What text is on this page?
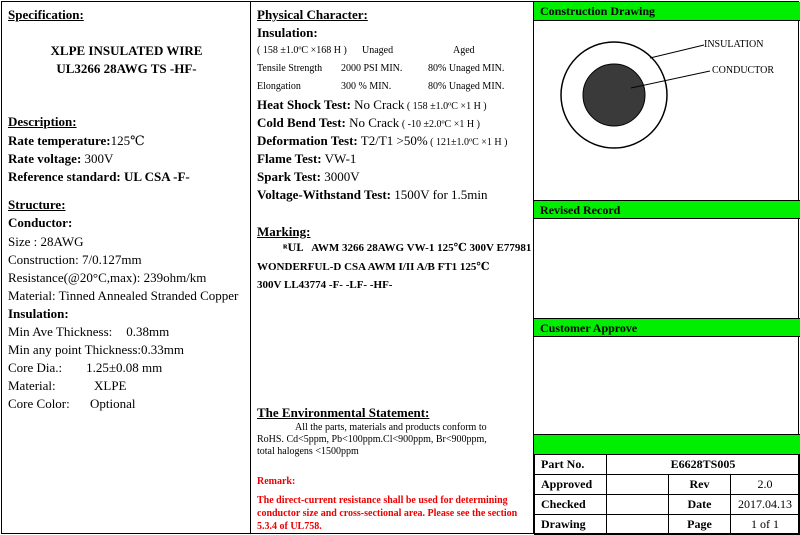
Specification:
XLPE INSULATED WIRE
UL3266 28AWG TS -HF-
Description:
Rate temperature:125℃
Rate voltage: 300V
Reference standard: UL CSA -F-
Structure:
Conductor:
Size : 28AWG
Construction: 7/0.127mm
Resistance(@20°C,max): 239ohm/km
Material: Tinned Annealed Stranded Copper
Insulation:
Min Ave Thickness: 0.38mm
Min any point Thickness:0.33mm
Core Dia.: 1.25±0.08 mm
Material:	XLPE
Core Color: Optional
Physical Character:
Insulation:
( 158 ±1.0ºC ×168 H ) Unaged	Aged
Tensile Strength 2000 PSI MIN.	80% Unaged MIN.
Elongation	300 % MIN.	80% Unaged MIN.
Heat Shock Test: No Crack ( 158 ±1.0ºC ×1 H )
Cold Bend Test: No Crack ( -10 ±2.0ºC ×1 H )
Deformation Test: T2/T1 >50% ( 121±1.0ºC ×1 H )
Flame Test: VW-1
Spark Test: 3000V
Voltage-Withstand Test: 1500V for 1.5min
Marking:
ᴿ𝐔𝐋 AWM 3266 28AWG VW-1 125℃ 300V E77981
WONDERFUL-D CSA AWM I/II A/B FT1 125℃
300V LL43774 -F- -LF- -HF-
The Environmental Statement:
All the parts, materials and products conform to
RoHS. Cd<5ppm, Pb<100ppm.Cl<900ppm, Br<900ppm,
total halogens <1500ppm
Remark:
The direct-current resistance shall be used for determining conductor size and cross-sectional area. Please see the section 5.3.4 of UL758.
Construction Drawing
INSULATION
CONDUCTOR
Revised Record
Customer Approve
Part No.	E6628TS005		
Approved		Rev	2.0
Checked		Date	2017.04.13
Drawing		Page	1 of 1
